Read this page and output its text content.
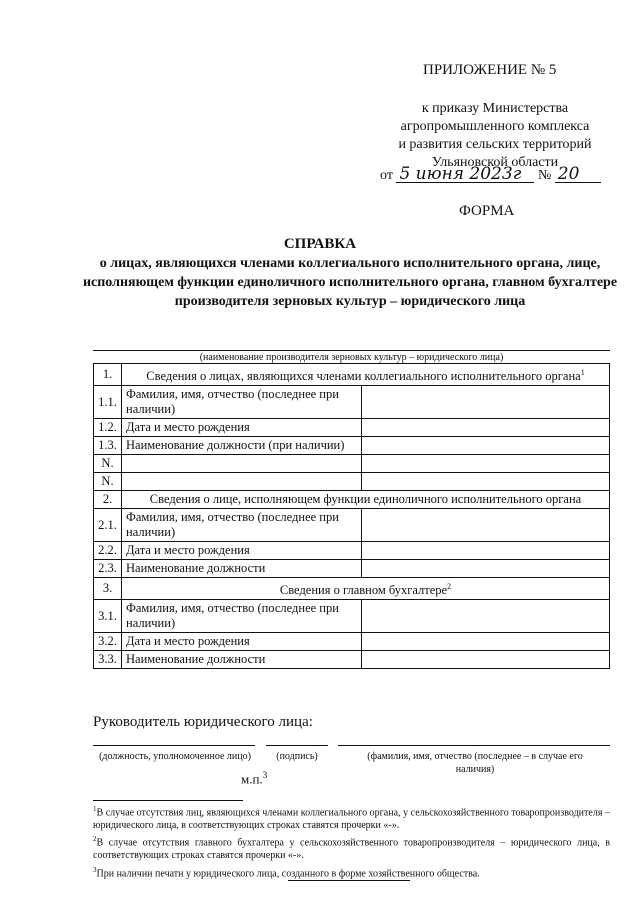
ПРИЛОЖЕНИЕ № 5
к приказу Министерства
агропромышленного комплекса
и развития сельских территорий
Ульяновской области
от 5 июня 2023г № 20
ФОРМА
СПРАВКА
о лицах, являющихся членами коллегиального исполнительного органа, лице, исполняющем функции единоличного исполнительного органа, главном бухгалтере производителя зерновых культур – юридического лица
(наименование производителя зерновых культур – юридического лица)
1.	Сведения о лицах, являющихся членами коллегиального исполнительного органа$^1$
1.1.	Фамилия, имя, отчество (последнее при наличии)	
1.2.	Дата и место рождения	
1.3.	Наименование должности (при наличии)	
N.		
N.		
2.	Сведения о лице, исполняющем функции единоличного исполнительного органа	
2.1.	Фамилия, имя, отчество (последнее при наличии)	
2.2.	Дата и место рождения	
2.3.	Наименование должности	
3.	Сведения о главном бухгалтере$^2$
3.1.	Фамилия, имя, отчество (последнее при наличии)	
3.2.	Дата и место рождения	
3.3.	Наименование должности	
Руководитель юридического лица:
(должность, уполномоченное лицо)	(подпись)	(фамилия, имя, отчество (последнее – в случае его наличия)
м.п.$^3$

$^1$В случае отсутствия лиц, являющихся членами коллегиального органа, у сельскохозяйственного товаропроизводителя – юридического лица, в соответствующих строках ставятся прочерки «-».

$^2$В случае отсутствия главного бухгалтера у сельскохозяйственного товаропроизводителя – юридического лица, в соответствующих строках ставятся прочерки «-».

$^3$При наличии печати у юридического лица, созданного в форме хозяйственного общества.
